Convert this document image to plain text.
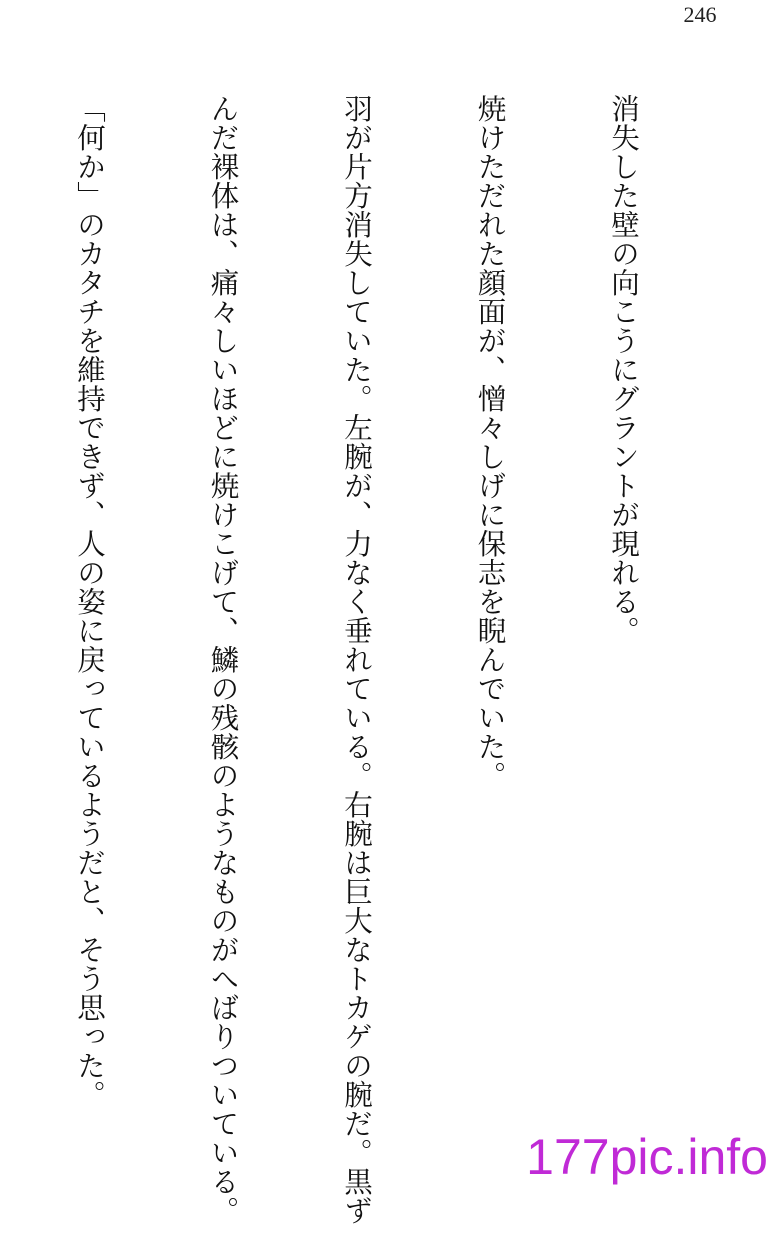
246

消失した壁の向こうにグラントが現れる。

焼けただれた顔面が、憎々しげに保志を睨んでいた。

羽が片方消失していた。左腕が、力なく垂れている。右腕は巨大なトカゲの腕だ。黒ず

んだ裸体は、痛々しいほどに焼けこげて、鱗の残骸のようなものがへばりついている。

「何か」のカタチを維持できず、人の姿に戻っているようだと、そう思った。

177pic.info
